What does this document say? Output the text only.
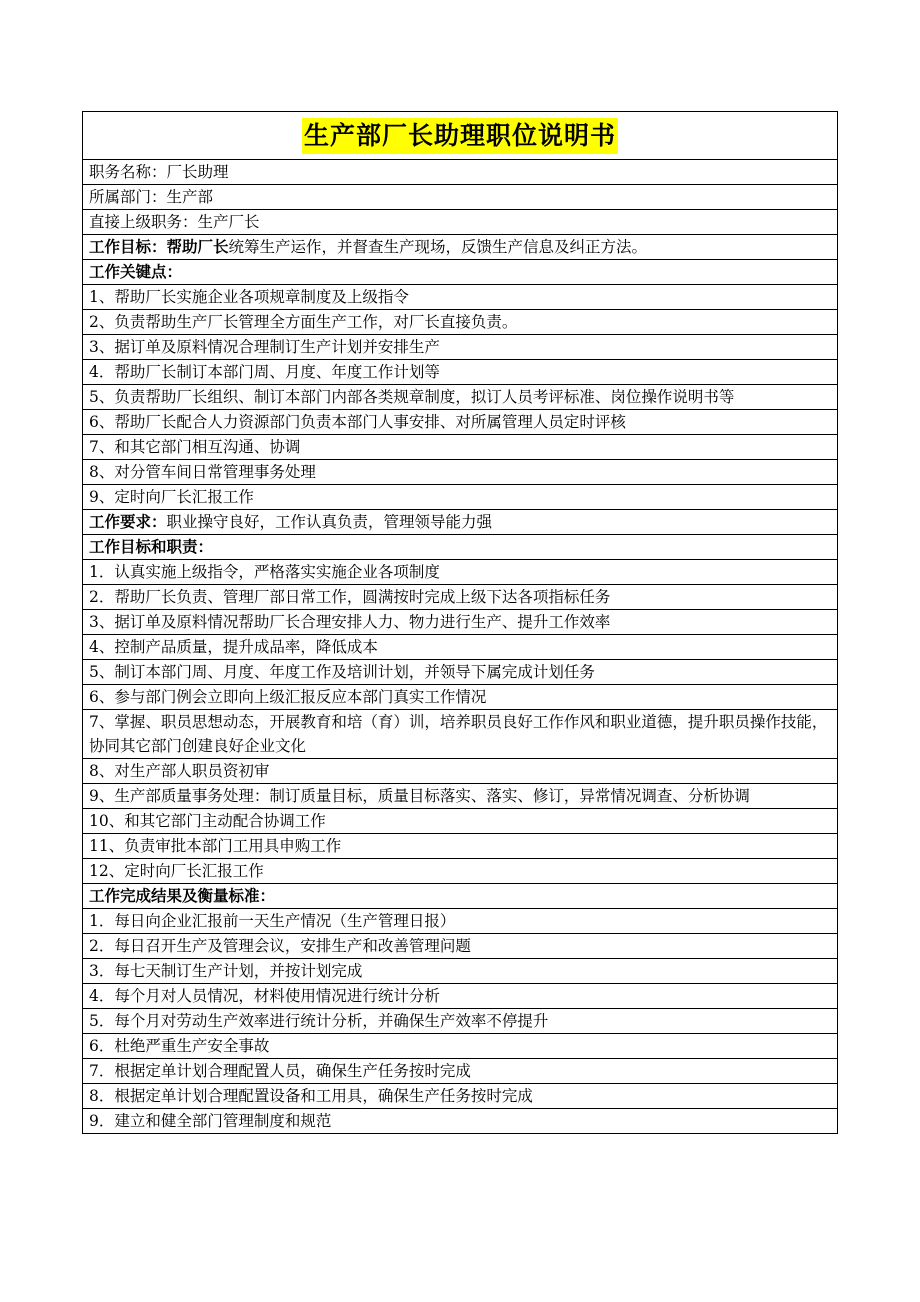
生产部厂长助理职位说明书
职务名称：厂长助理
所属部门：生产部
直接上级职务：生产厂长
工作目标：帮助厂长统筹生产运作，并督查生产现场，反馈生产信息及纠正方法。
工作关键点：
1、帮助厂长实施企业各项规章制度及上级指令
2、负责帮助生产厂长管理全方面生产工作，对厂长直接负责。
3、据订单及原料情况合理制订生产计划并安排生产
4．帮助厂长制订本部门周、月度、年度工作计划等
5、负责帮助厂长组织、制订本部门内部各类规章制度，拟订人员考评标准、岗位操作说明书等
6、帮助厂长配合人力资源部门负责本部门人事安排、对所属管理人员定时评核
7、和其它部门相互沟通、协调
8、对分管车间日常管理事务处理
9、定时向厂长汇报工作
工作要求：职业操守良好，工作认真负责，管理领导能力强
工作目标和职责：
1．认真实施上级指令，严格落实实施企业各项制度
2．帮助厂长负责、管理厂部日常工作，圆满按时完成上级下达各项指标任务
3、据订单及原料情况帮助厂长合理安排人力、物力进行生产、提升工作效率
4、控制产品质量，提升成品率，降低成本
5、制订本部门周、月度、年度工作及培训计划，并领导下属完成计划任务
6、参与部门例会立即向上级汇报反应本部门真实工作情况
7、掌握、职员思想动态，开展教育和培（育）训，培养职员良好工作作风和职业道德，提升职员操作技能，协同其它部门创建良好企业文化
8、对生产部人职员资初审
9、生产部质量事务处理：制订质量目标，质量目标落实、落实、修订，异常情况调查、分析协调
10、和其它部门主动配合协调工作
11、负责审批本部门工用具申购工作
12、定时向厂长汇报工作
工作完成结果及衡量标准：
1．每日向企业汇报前一天生产情况（生产管理日报）
2．每日召开生产及管理会议，安排生产和改善管理问题
3．每七天制订生产计划，并按计划完成
4．每个月对人员情况，材料使用情况进行统计分析
5．每个月对劳动生产效率进行统计分析，并确保生产效率不停提升
6．杜绝严重生产安全事故
7．根据定单计划合理配置人员，确保生产任务按时完成
8．根据定单计划合理配置设备和工用具，确保生产任务按时完成
9．建立和健全部门管理制度和规范
